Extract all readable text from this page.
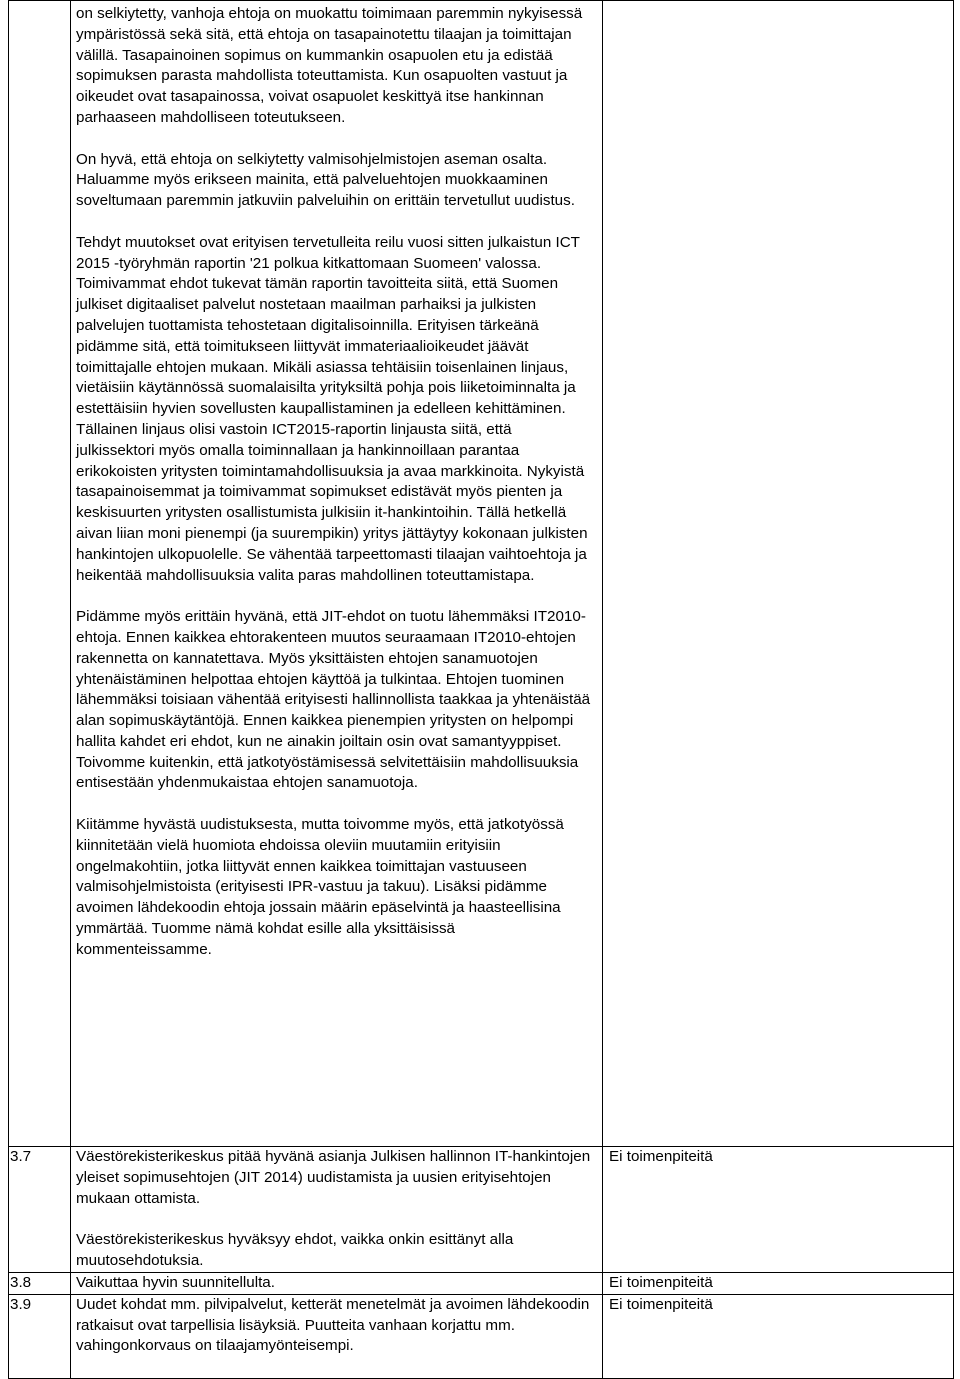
	on selkiytetty, vanhoja ehtoja on muokattu toimimaan paremmin nykyisessä ympäristössä sekä sitä, että ehtoja on tasapainotettu tilaajan ja toimittajan välillä. Tasapainoinen sopimus on kummankin osapuolen etu ja edistää sopimuksen parasta mahdollista toteuttamista. Kun osapuolten vastuut ja oikeudet ovat tasapainossa, voivat osapuolet keskittyä itse hankinnan parhaaseen mahdolliseen toteutukseen.

On hyvä, että ehtoja on selkiytetty valmisohjelmistojen aseman osalta. Haluamme myös erikseen mainita, että palveluehtojen muokkaaminen soveltumaan paremmin jatkuviin palveluihin on erittäin tervetullut uudistus.

Tehdyt muutokset ovat erityisen tervetulleita reilu vuosi sitten julkaistun ICT 2015 -työryhmän raportin '21 polkua kitkattomaan Suomeen' valossa. Toimivammat ehdot tukevat tämän raportin tavoitteita siitä, että Suomen julkiset digitaaliset palvelut nostetaan maailman parhaiksi ja julkisten palvelujen tuottamista tehostetaan digitalisoinnilla. Erityisen tärkeänä pidämme sitä, että toimitukseen liittyvät immateriaalioikeudet jäävät toimittajalle ehtojen mukaan. Mikäli asiassa tehtäisiin toisenlainen linjaus, vietäisiin käytännössä suomalaisilta yrityksiltä pohja pois liiketoiminnalta ja estettäisiin hyvien sovellusten kaupallistaminen ja edelleen kehittäminen. Tällainen linjaus olisi vastoin ICT2015-raportin linjausta siitä, että julkissektori myös omalla toiminnallaan ja hankinnoillaan parantaa erikokoisten yritysten toimintamahdollisuuksia ja avaa markkinoita. Nykyistä tasapainoisemmat ja toimivammat sopimukset edistävät myös pienten ja keskisuurten yritysten osallistumista julkisiin it-hankintoihin. Tällä hetkellä aivan liian moni pienempi (ja suurempikin) yritys jättäytyy kokonaan julkisten hankintojen ulkopuolelle. Se vähentää tarpeettomasti tilaajan vaihtoehtoja ja heikentää mahdollisuuksia valita paras mahdollinen toteuttamistapa.

Pidämme myös erittäin hyvänä, että JIT-ehdot on tuotu lähemmäksi IT2010-ehtoja. Ennen kaikkea ehtorakenteen muutos seuraamaan IT2010-ehtojen rakennetta on kannatettava. Myös yksittäisten ehtojen sanamuotojen yhtenäistäminen helpottaa ehtojen käyttöä ja tulkintaa. Ehtojen tuominen lähemmäksi toisiaan vähentää erityisesti hallinnollista taakkaa ja yhtenäistää alan sopimuskäytäntöjä. Ennen kaikkea pienempien yritysten on helpompi hallita kahdet eri ehdot, kun ne ainakin joiltain osin ovat samantyyppiset. Toivomme kuitenkin, että jatkotyöstämisessä selvitettäisiin mahdollisuuksia entisestään yhdenmukaistaa ehtojen sanamuotoja.

Kiitämme hyvästä uudistuksesta, mutta toivomme myös, että jatkotyössä kiinnitetään vielä huomiota ehdoissa oleviin muutamiin erityisiin ongelmakohtiin, jotka liittyvät ennen kaikkea toimittajan vastuuseen valmisohjelmistoista (erityisesti IPR-vastuu ja takuu). Lisäksi pidämme avoimen lähdekoodin ehtoja jossain määrin epäselvintä ja haasteellisina ymmärtää. Tuomme nämä kohdat esille alla yksittäisissä kommenteissamme.	

3.7	Väestörekisterikeskus pitää hyvänä asianja Julkisen hallinnon IT-hankintojen yleiset sopimusehtojen (JIT 2014) uudistamista ja uusien erityisehtojen mukaan ottamista.

Väestörekisterikeskus hyväksyy ehdot, vaikka onkin esittänyt alla muutosehdotuksia.	Ei toimenpiteitä
3.8	Vaikuttaa hyvin suunnitellulta.	Ei toimenpiteitä
3.9	Uudet kohdat mm. pilvipalvelut, ketterät menetelmät ja avoimen lähdekoodin ratkaisut ovat tarpellisia lisäyksiä. Puutteita vanhaan korjattu mm. vahingonkorvaus on tilaajamyönteisempi.	Ei toimenpiteitä
